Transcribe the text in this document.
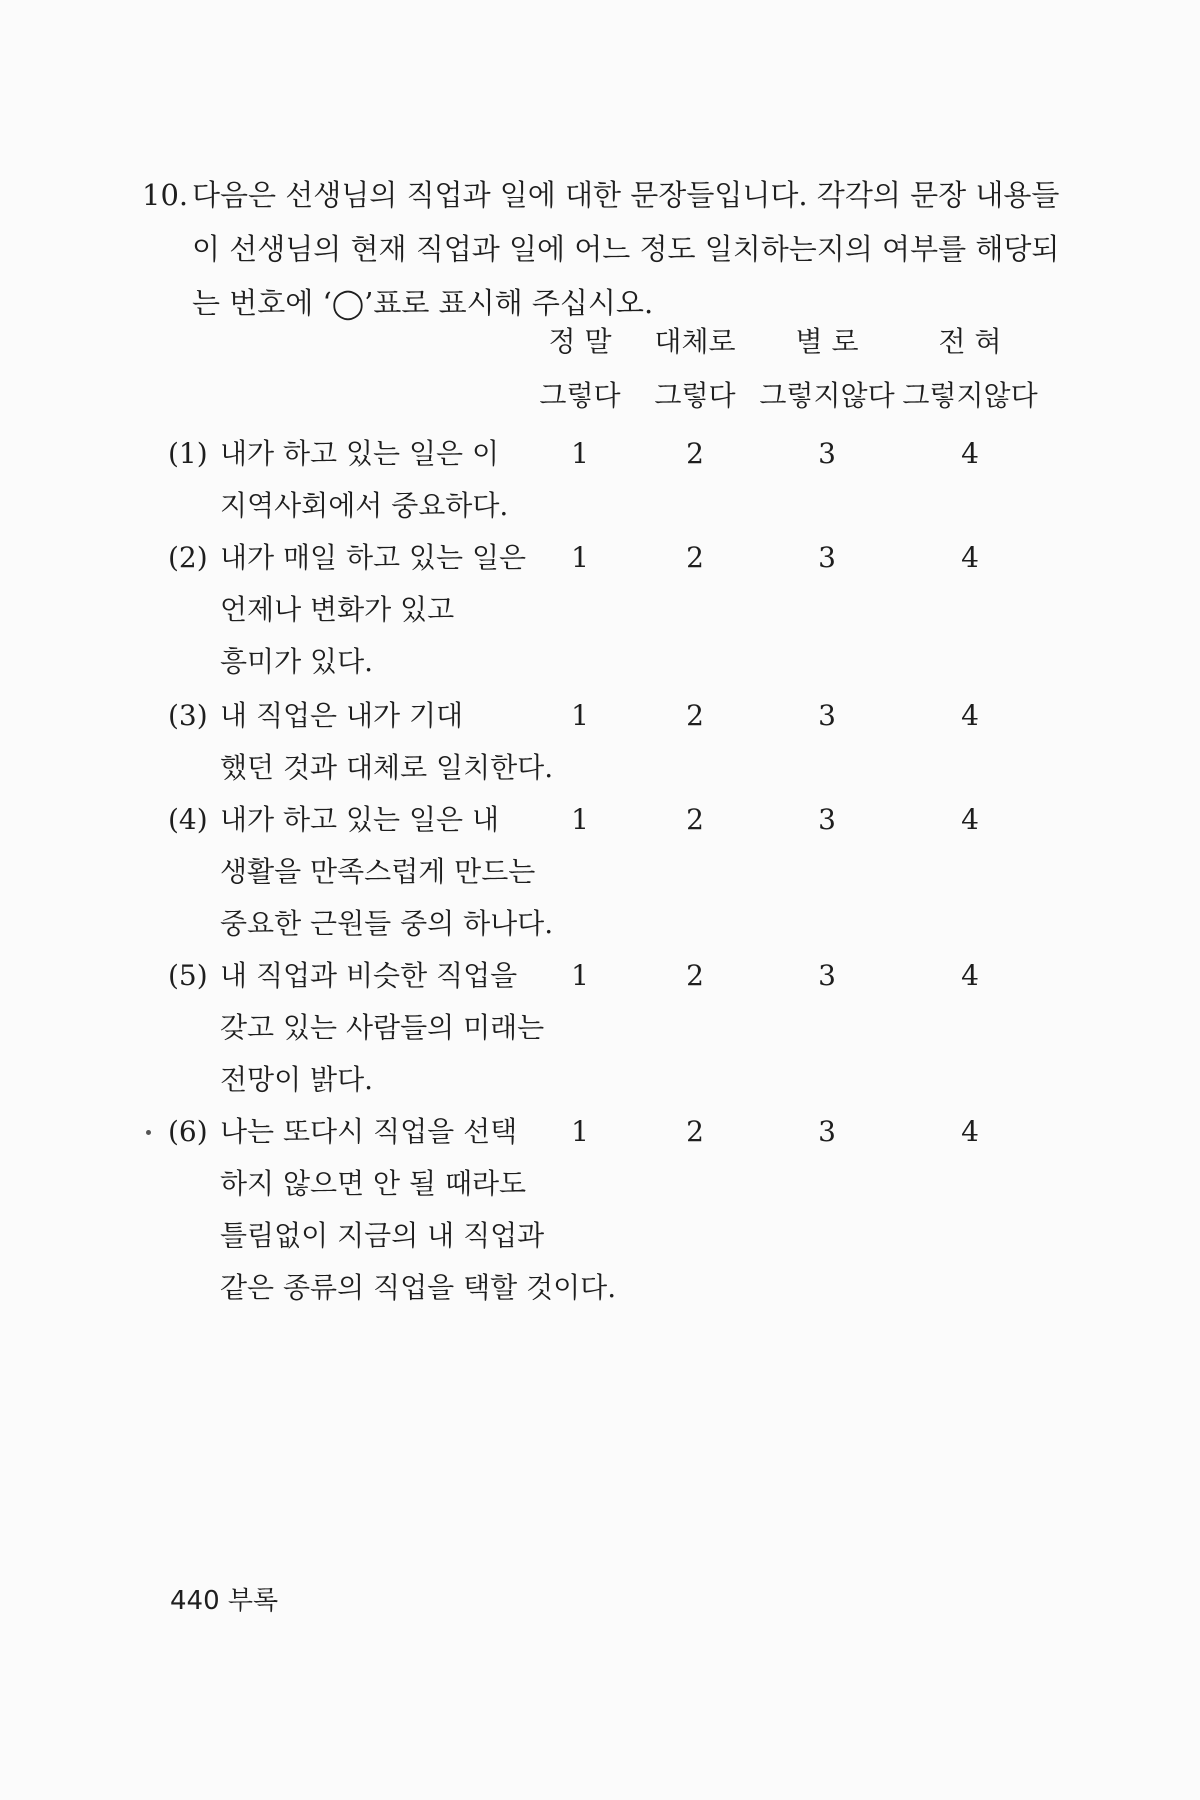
10. 다음은 선생님의 직업과 일에 대한 문장들입니다. 각각의 문장 내용들
이 선생님의 현재 직업과 일에 어느 정도 일치하는지의 여부를 해당되
는 번호에 ‘◯’표로 표시해 주십시오.
정 말	대체로	별 로	전 혀
그렇다	그렇다 그렇지않다 그렇지않다
(1) 내가 하고 있는 일은 이
지역사회에서 중요하다.
1	2	3	4
(2) 내가 매일 하고 있는 일은
언제나 변화가 있고
흥미가 있다.
1	2	3	4
(3) 내 직업은 내가 기대
했던 것과 대체로 일치한다.
1	2	3	4
(4) 내가 하고 있는 일은 내
생활을 만족스럽게 만드는
중요한 근원들 중의 하나다.
1	2	3	4
(5) 내 직업과 비슷한 직업을
갖고 있는 사람들의 미래는
전망이 밝다.
1	2	3	4
(6) 나는 또다시 직업을 선택
하지 않으면 안 될 때라도
틀림없이 지금의 내 직업과
같은 종류의 직업을 택할 것이다.
1	2	3	4
440 부록
